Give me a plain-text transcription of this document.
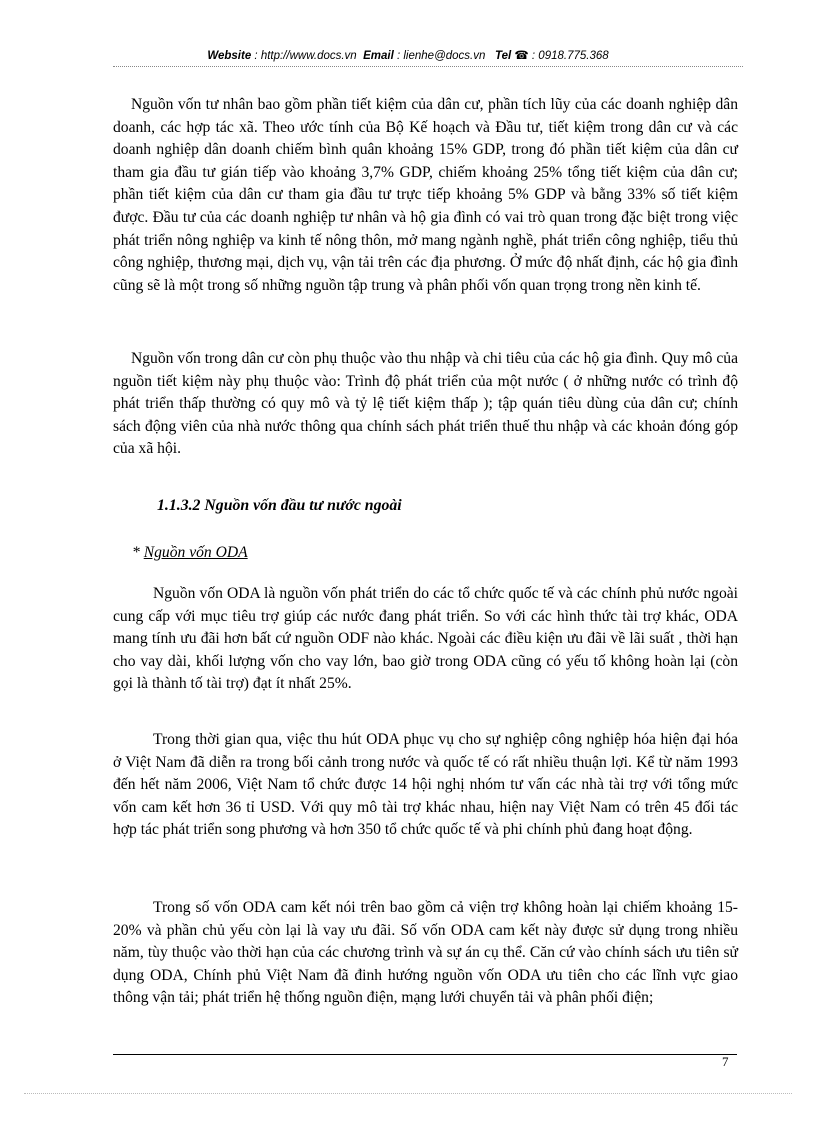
Website : http://www.docs.vn Email : lienhe@docs.vn Tel ☎ : 0918.775.368

Nguồn vốn tư nhân bao gồm phần tiết kiệm của dân cư, phần tích lũy của các doanh nghiệp dân doanh, các hợp tác xã. Theo ước tính của Bộ Kế hoạch và Đầu tư, tiết kiệm trong dân cư và các doanh nghiệp dân doanh chiếm bình quân khoảng 15% GDP, trong đó phần tiết kiệm của dân cư tham gia đầu tư gián tiếp vào khoảng 3,7% GDP, chiếm khoảng 25% tổng tiết kiệm của dân cư; phần tiết kiệm của dân cư tham gia đầu tư trực tiếp khoảng 5% GDP và bằng 33% số tiết kiệm được. Đầu tư của các doanh nghiệp tư nhân và hộ gia đình có vai trò quan trong đặc biệt trong việc phát triển nông nghiệp va kinh tế nông thôn, mở mang ngành nghề, phát triển công nghiệp, tiểu thủ công nghiệp, thương mại, dịch vụ, vận tải trên các địa phương. Ở mức độ nhất định, các hộ gia đình cũng sẽ là một trong số những nguồn tập trung và phân phối vốn quan trọng trong nền kinh tế.

Nguồn vốn trong dân cư còn phụ thuộc vào thu nhập và chi tiêu của các hộ gia đình. Quy mô của nguồn tiết kiệm này phụ thuộc vào: Trình độ phát triển của một nước ( ở những nước có trình độ phát triển thấp thường có quy mô và tỷ lệ tiết kiệm thấp ); tập quán tiêu dùng của dân cư; chính sách động viên của nhà nước thông qua chính sách phát triển thuế thu nhập và các khoản đóng góp của xã hội.

1.1.3.2 Nguồn vốn đầu tư nước ngoài
* Nguồn vốn ODA

Nguồn vốn ODA là nguồn vốn phát triển do các tổ chức quốc tế và các chính phủ nước ngoài cung cấp với mục tiêu trợ giúp các nước đang phát triển. So với các hình thức tài trợ khác, ODA mang tính ưu đãi hơn bất cứ nguồn ODF nào khác. Ngoài các điều kiện ưu đãi về lãi suất , thời hạn cho vay dài, khối lượng vốn cho vay lớn, bao giờ trong ODA cũng có yếu tố không hoàn lại (còn gọi là thành tố tài trợ) đạt ít nhất 25%.

Trong thời gian qua, việc thu hút ODA phục vụ cho sự nghiệp công nghiệp hóa hiện đại hóa ở Việt Nam đã diễn ra trong bối cảnh trong nước và quốc tế có rất nhiều thuận lợi. Kể từ năm 1993 đến hết năm 2006, Việt Nam tổ chức được 14 hội nghị nhóm tư vấn các nhà tài trợ với tổng mức vốn cam kết hơn 36 tỉ USD. Với quy mô tài trợ khác nhau, hiện nay Việt Nam có trên 45 đối tác hợp tác phát triển song phương và hơn 350 tổ chức quốc tế và phi chính phủ đang hoạt động.

Trong số vốn ODA cam kết nói trên bao gồm cả viện trợ không hoàn lại chiếm khoảng 15-20% và phần chủ yếu còn lại là vay ưu đãi. Số vốn ODA cam kết này được sử dụng trong nhiều năm, tùy thuộc vào thời hạn của các chương trình và sự án cụ thể. Căn cứ vào chính sách ưu tiên sử dụng ODA, Chính phủ Việt Nam đã đinh hướng nguồn vốn ODA ưu tiên cho các lĩnh vực giao thông vận tải; phát triển hệ thống nguồn điện, mạng lưới chuyển tải và phân phối điện;

7
